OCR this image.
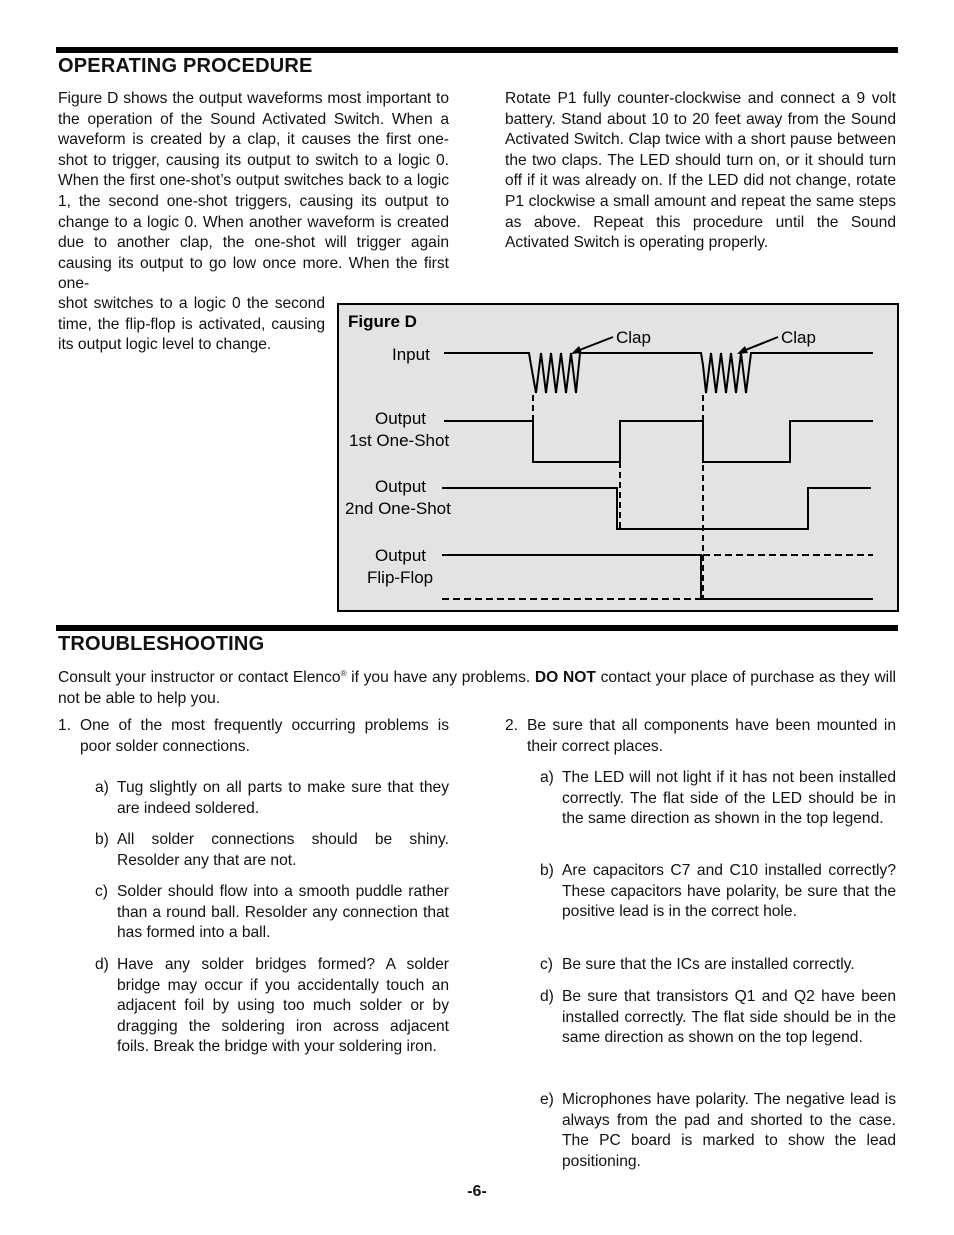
OPERATING PROCEDURE

Figure D shows the output waveforms most important to the operation of the Sound Activated Switch. When a waveform is created by a clap, it causes the first one-shot to trigger, causing its output to switch to a logic 0. When the first one-shot’s output switches back to a logic 1, the second one-shot triggers, causing its output to change to a logic 0. When another waveform is created due to another clap, the one-shot will trigger again causing its output to go low once more. When the first one-

shot switches to a logic 0 the second time, the flip-flop is activated, causing its output logic level to change.

Rotate P1 fully counter-clockwise and connect a 9 volt battery. Stand about 10 to 20 feet away from the Sound Activated Switch. Clap twice with a short pause between the two claps. The LED should turn on, or it should turn off if it was already on. If the LED did not change, rotate P1 clockwise a small amount and repeat the same steps as above. Repeat this procedure until the Sound Activated Switch is operating properly.

Figure D
Input
Output
1st One-Shot
Output
2nd One-Shot
Output
Flip-Flop
Clap	Clap
TROUBLESHOOTING

Consult your instructor or contact Elenco® if you have any problems. DO NOT contact your place of purchase as they will not be able to help you.

1. One of the most frequently occurring problems is poor solder connections.
a) Tug slightly on all parts to make sure that they are indeed soldered.
b) All solder connections should be shiny. Resolder any that are not.
c) Solder should flow into a smooth puddle rather than a round ball. Resolder any connection that has formed into a ball.
d) Have any solder bridges formed? A solder bridge may occur if you accidentally touch an adjacent foil by using too much solder or by dragging the soldering iron across adjacent foils. Break the bridge with your soldering iron.
2. Be sure that all components have been mounted in their correct places.
a) The LED will not light if it has not been installed correctly. The flat side of the LED should be in the same direction as shown in the top legend.
b) Are capacitors C7 and C10 installed correctly? These capacitors have polarity, be sure that the positive lead is in the correct hole.
c) Be sure that the ICs are installed correctly.
d) Be sure that transistors Q1 and Q2 have been installed correctly. The flat side should be in the same direction as shown on the top legend.
e) Microphones have polarity. The negative lead is always from the pad and shorted to the case. The PC board is marked to show the lead positioning.
-6-
